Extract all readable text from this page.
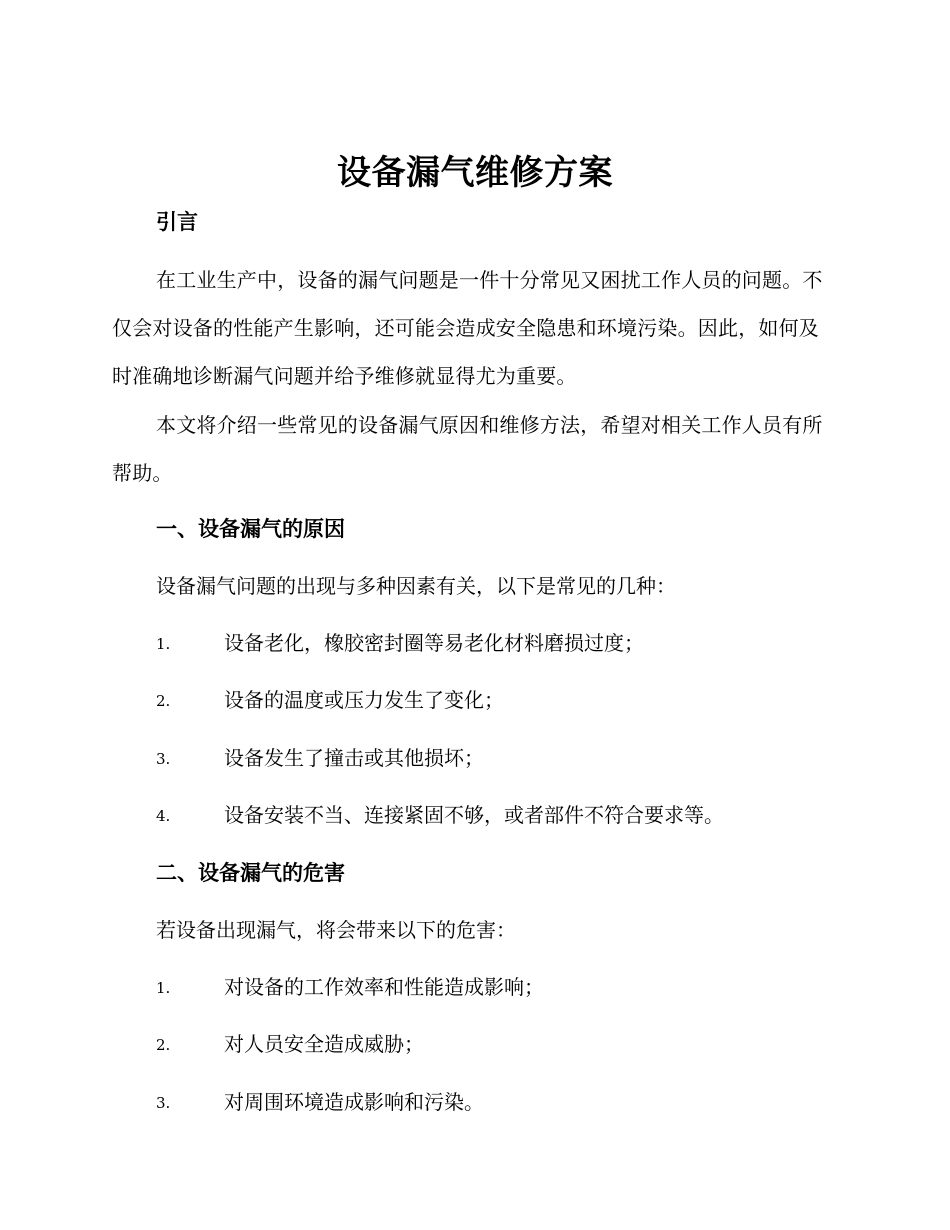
设备漏气维修方案
引言
在工业生产中，设备的漏气问题是一件十分常见又困扰工作人员的问题。不仅会对设备的性能产生影响，还可能会造成安全隐患和环境污染。因此，如何及时准确地诊断漏气问题并给予维修就显得尤为重要。
本文将介绍一些常见的设备漏气原因和维修方法，希望对相关工作人员有所帮助。
一、设备漏气的原因
设备漏气问题的出现与多种因素有关，以下是常见的几种：
1.	设备老化，橡胶密封圈等易老化材料磨损过度；
2.	设备的温度或压力发生了变化；
3.	设备发生了撞击或其他损坏；
4.	设备安装不当、连接紧固不够，或者部件不符合要求等。
二、设备漏气的危害
若设备出现漏气，将会带来以下的危害：
1.	对设备的工作效率和性能造成影响；
2.	对人员安全造成威胁；
3.	对周围环境造成影响和污染。
